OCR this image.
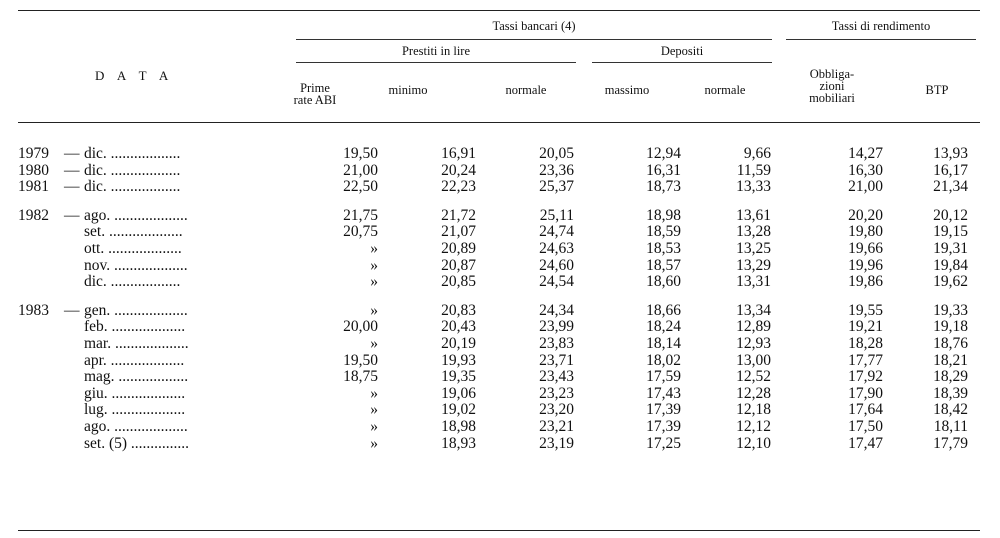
Tassi bancari (4)	Tassi di rendimento
Prestiti in lire	Depositi
D A T A
Prime rate ABI
minimo	normale	massimo	normale
Obbliga- zioni mobiliari
BTP
1979	—	dic. ..................	19,50	16,91	20,05	12,94	9,66	14,27	13,93
1980	—	dic. ..................	21,00	20,24	23,36	16,31	11,59	16,30	16,17
1981	—	dic. ..................	22,50	22,23	25,37	18,73	13,33	21,00	21,34

1982	—	ago. ...................	21,75	21,72	25,11	18,98	13,61	20,20	20,12
		set. ...................	20,75	21,07	24,74	18,59	13,28	19,80	19,15
		ott. ...................	»	20,89	24,63	18,53	13,25	19,66	19,31
		nov. ...................	»	20,87	24,60	18,57	13,29	19,96	19,84
		dic. ..................	»	20,85	24,54	18,60	13,31	19,86	19,62

1983	—	gen. ...................	»	20,83	24,34	18,66	13,34	19,55	19,33
		feb. ...................	20,00	20,43	23,99	18,24	12,89	19,21	19,18
		mar. ...................	»	20,19	23,83	18,14	12,93	18,28	18,76
		apr. ...................	19,50	19,93	23,71	18,02	13,00	17,77	18,21
		mag. ..................	18,75	19,35	23,43	17,59	12,52	17,92	18,29
		giu. ...................	»	19,06	23,23	17,43	12,28	17,90	18,39
		lug. ...................	»	19,02	23,20	17,39	12,18	17,64	18,42
		ago. ...................	»	18,98	23,21	17,39	12,12	17,50	18,11
		set. (5) ...............	»	18,93	23,19	17,25	12,10	17,47	17,79
